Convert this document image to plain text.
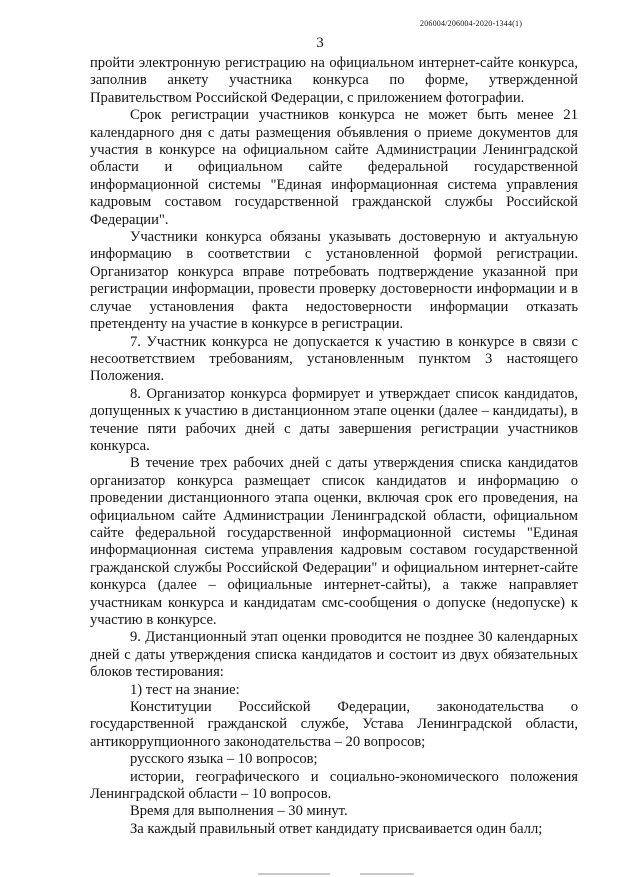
206004/206004-2020-1344(1)
3

пройти электронную регистрацию на официальном интернет-сайте конкурса, заполнив анкету участника конкурса по форме, утвержденной Правительством Российской Федерации, с приложением фотографии.

Срок регистрации участников конкурса не может быть менее 21 календарного дня с даты размещения объявления о приеме документов для участия в конкурсе на официальном сайте Администрации Ленинградской области и официальном сайте федеральной государственной информационной системы "Единая информационная система управления кадровым составом государственной гражданской службы Российской Федерации".

Участники конкурса обязаны указывать достоверную и актуальную информацию в соответствии с установленной формой регистрации. Организатор конкурса вправе потребовать подтверждение указанной при регистрации информации, провести проверку достоверности информации и в случае установления факта недостоверности информации отказать претенденту на участие в конкурсе в регистрации.

7. Участник конкурса не допускается к участию в конкурсе в связи с несоответствием требованиям, установленным пунктом 3 настоящего Положения.

8. Организатор конкурса формирует и утверждает список кандидатов, допущенных к участию в дистанционном этапе оценки (далее – кандидаты), в течение пяти рабочих дней с даты завершения регистрации участников конкурса.

В течение трех рабочих дней с даты утверждения списка кандидатов организатор конкурса размещает список кандидатов и информацию о проведении дистанционного этапа оценки, включая срок его проведения, на официальном сайте Администрации Ленинградской области, официальном сайте федеральной государственной информационной системы "Единая информационная система управления кадровым составом государственной гражданской службы Российской Федерации" и официальном интернет-сайте конкурса (далее – официальные интернет-сайты), а также направляет участникам конкурса и кандидатам смс-сообщения о допуске (недопуске) к участию в конкурсе.

9. Дистанционный этап оценки проводится не позднее 30 календарных дней с даты утверждения списка кандидатов и состоит из двух обязательных блоков тестирования:

1) тест на знание:

Конституции Российской Федерации, законодательства о государственной гражданской службе, Устава Ленинградской области, антикоррупционного законодательства – 20 вопросов;

русского языка – 10 вопросов;

истории, географического и социально-экономического положения Ленинградской области – 10 вопросов.

Время для выполнения – 30 минут.

За каждый правильный ответ кандидату присваивается один балл;
